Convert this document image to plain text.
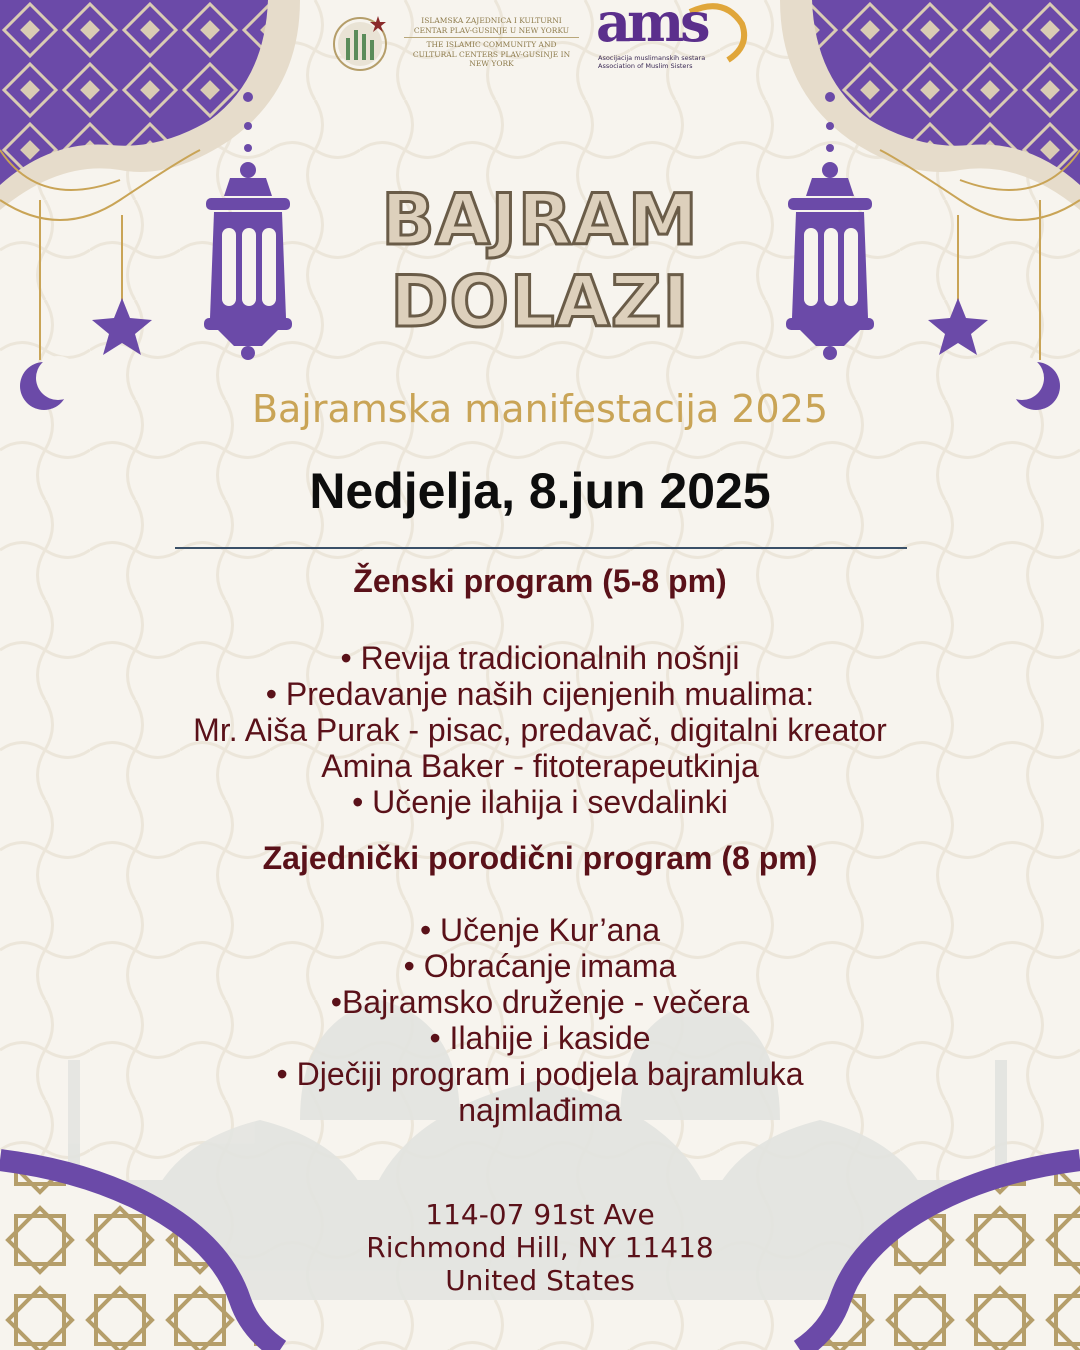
ISLAMSKA ZAJEDNICA I KULTURNI CENTAR PLAV-GUSINJE U NEW YORKU
THE ISLAMIC COMMUNITY AND CULTURAL CENTERS PLAV-GUSINJE IN NEW YORK
ams
Asocijacija muslimanskih sestara
Association of Muslim Sisters
BAJRAM
DOLAZI
Bajramska manifestacija 2025
Nedjelja, 8.jun 2025
Ženski program (5-8 pm)
• Revija tradicionalnih nošnji
• Predavanje naših cijenjenih mualima:
Mr. Aiša Purak - pisac, predavač, digitalni kreator
Amina Baker - fitoterapeutkinja
• Učenje ilahija i sevdalinki
Zajednički porodični program (8 pm)
• Učenje Kur’ana
• Obraćanje imama
•Bajramsko druženje - večera
• Ilahije i kaside
• Dječiji program i podjela bajramluka
najmlađima
114-07 91st Ave
Richmond Hill, NY 11418
United States
